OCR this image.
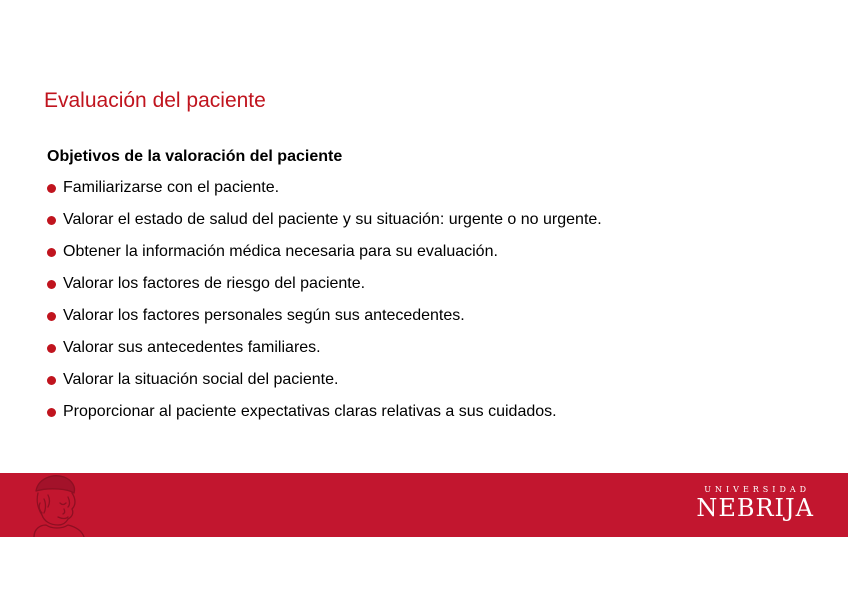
Evaluación del paciente
Objetivos de la valoración del paciente
Familiarizarse con el paciente.
Valorar el estado de salud del paciente y su situación: urgente o no urgente.
Obtener la información médica necesaria para su evaluación.
Valorar los factores de riesgo del paciente.
Valorar los factores personales según sus antecedentes.
Valorar sus antecedentes familiares.
Valorar la situación social del paciente.
Proporcionar al paciente expectativas claras relativas a sus cuidados.
UNIVERSIDAD
NEBRIJA
